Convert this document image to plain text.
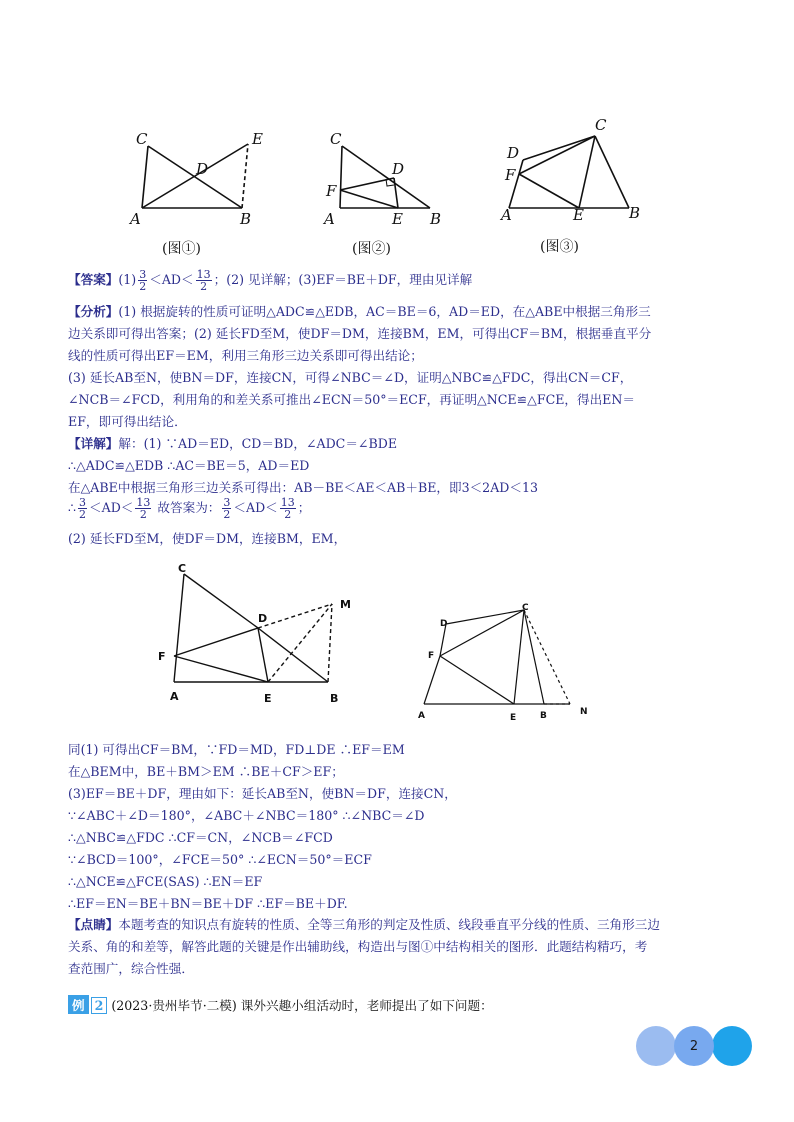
C
D
E
A	B
(图①)
C
D
F
A	E B
(图②)
C
D
F
A	E	B
(图③)
【答案】$(1) \frac{3}{2} <AD< \frac{13}{2}$ ；(2) 见详解；(3)EF＝BE＋DF，理由见详解
【分析】(1) 根据旋转的性质可证明△ADC≌△EDB，AC＝BE＝6，AD＝ED，在△ABE中根据三角形三
边关系即可得出答案；(2) 延长FD至M，使DF＝DM，连接BM，EM，可得出CF＝BM，根据垂直平分
线的性质可得出EF＝EM，利用三角形三边关系即可得出结论；
(3) 延长AB至N，使BN＝DF，连接CN，可得∠NBC＝∠D，证明△NBC≌△FDC，得出CN＝CF，
∠NCB＝∠FCD，利用角的和差关系可推出∠ECN＝50°＝ECF，再证明△NCE≌△FCE，得出EN＝
EF，即可得出结论．
【详解】解：(1) ∵AD＝ED，CD＝BD，∠ADC＝∠BDE
∴△ADC≌△EDB ∴AC＝BE＝5，AD＝ED
在△ABE中根据三角形三边关系可得出：AB－BE＜AE＜AB＋BE，即3＜2AD＜13
∴ $\frac{3}{2} <AD< \frac{13}{2}$ 故答案为： $\frac{3}{2} <AD< \frac{13}{2}$ ；
(2) 延长FD至M，使DF＝DM，连接BM，EM，
C
D
M
F
A	E	B
C
D
F
A	E	B	N
同(1) 可得出CF＝BM，∵FD＝MD，FD⊥DE ∴EF＝EM
在△BEM中，BE＋BM＞EM ∴BE＋CF＞EF；
(3)EF＝BE＋DF，理由如下：延长AB至N，使BN＝DF，连接CN，
∵∠ABC＋∠D＝180°，∠ABC＋∠NBC＝180° ∴∠NBC＝∠D
∴△NBC≌△FDC ∴CF＝CN，∠NCB＝∠FCD
∵∠BCD＝100°，∠FCE＝50° ∴∠ECN＝50°＝ECF
∴△NCE≌△FCE(SAS) ∴EN＝EF
∴EF＝EN＝BE＋BN＝BE＋DF ∴EF＝BE＋DF.
【点睛】本题考查的知识点有旋转的性质、全等三角形的判定及性质、线段垂直平分线的性质、三角形三边
关系、角的和差等，解答此题的关键是作出辅助线，构造出与图①中结构相关的图形．此题结构精巧，考
查范围广，综合性强．
例 2 (2023·贵州毕节·二模) 课外兴趣小组活动时，老师提出了如下问题：
2
